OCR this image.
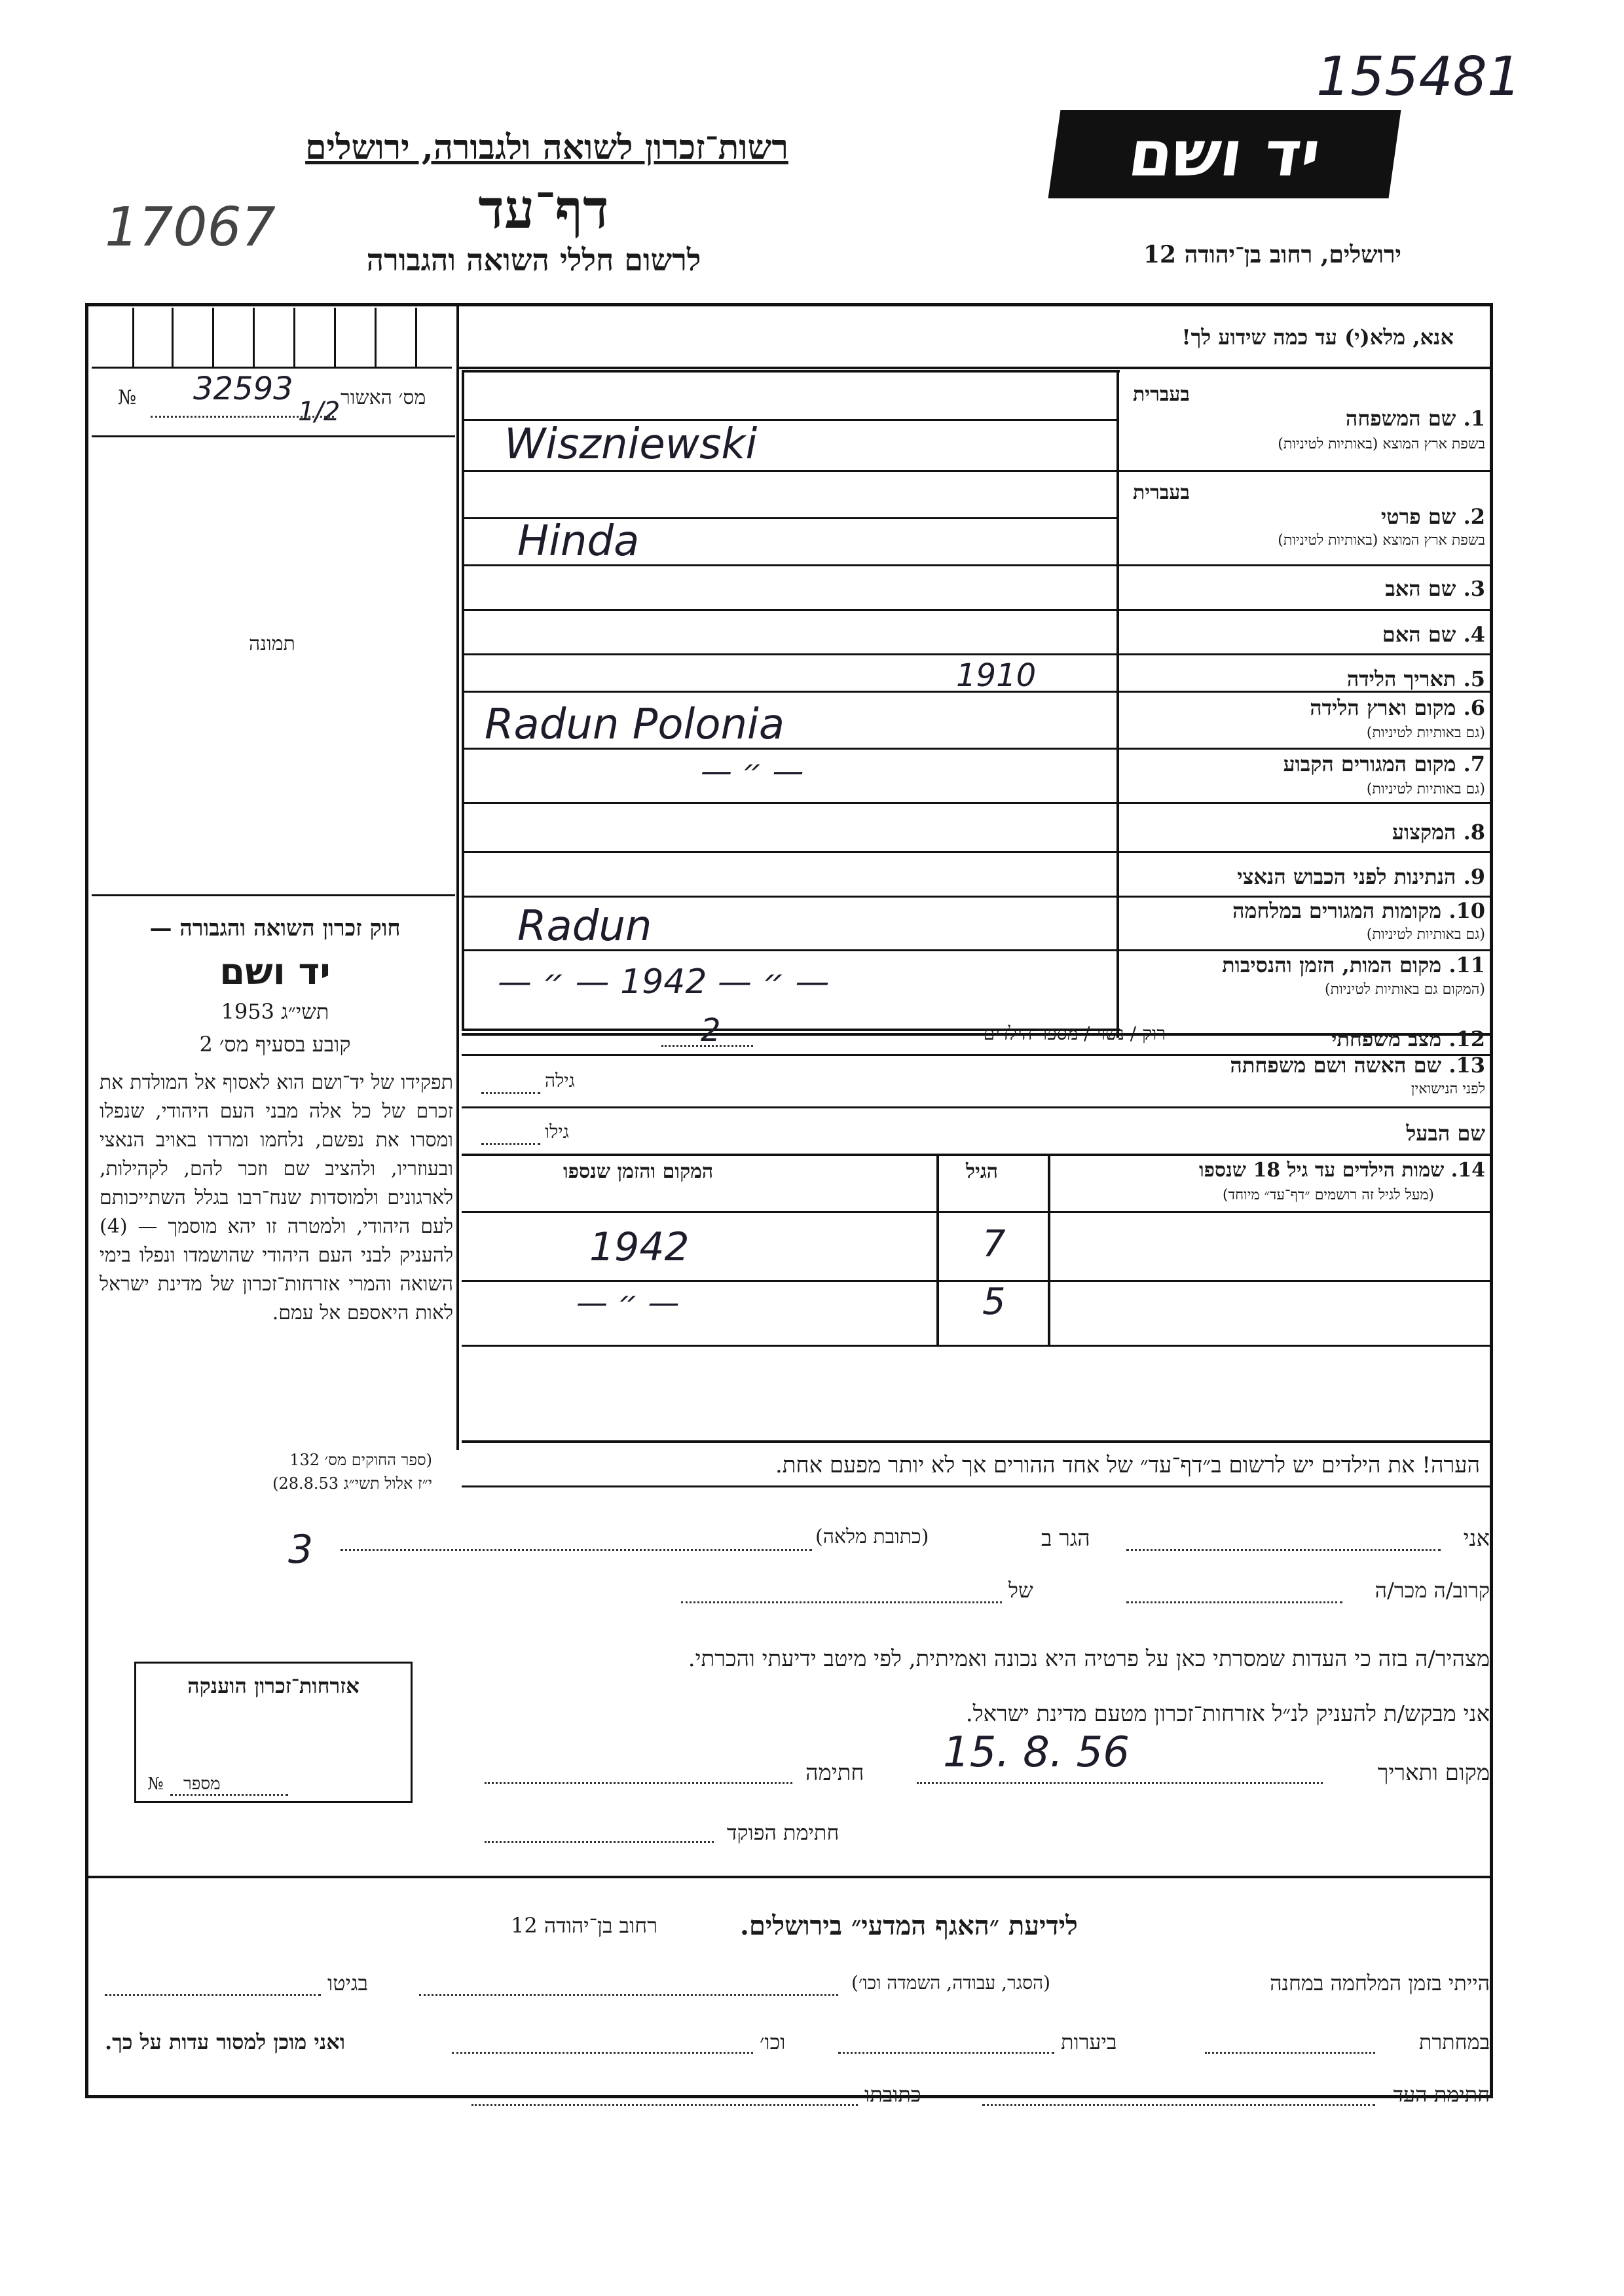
155481
רשות־זכרון לשואה ולגבורה, ירושלים
17067	דף־עד
לרשום חללי השואה והגבורה
יד ושם
ירושלים, רחוב בן־יהודה 12
מס׳ האשור
№ 32593
1/2
תמונה
חוק זכרון השואה והגבורה —
יד ושם
תשי״ג 1953
קובע בסעיף מס׳ 2
תפקידו של יד־ושם הוא לאסוף אל המולדת את זכרם של כל אלה מבני העם היהודי, שנפלו ומסרו את נפשם, נלחמו ומרדו באויב הנאצי ובעוזריו, ולהציב שם וזכר להם, לקהילות, לארגונים ולמוסדות שנח־רבו בגלל השתייכותם לעם היהודי, ולמטרה זו יהא מוסמך — (4) להעניק לבני העם היהודי שהושמדו ונפלו בימי השואה והמרי אזרחות־זכרון של מדינת ישראל לאות היאספם אל עמם.
(ספר החוקים מס׳ 132
י״ז אלול תשי״ג 28.8.53)
אנא, מלא(י) עד כמה שידוע לך!
בעברית
1. שם המשפחה
בשפת ארץ המוצא (באותיות לטיניות)
Wiszniewski
בעברית
2. שם פרטי
בשפת ארץ המוצא (באותיות לטיניות)
Hinda
3. שם האב
4. שם האם
5. תאריך הלידה
1910
6. מקום וארץ הלידה
(גם באותיות לטיניות)
Radun Polonia
7. מקום המגורים הקבוע
(גם באותיות לטיניות)
— ״ —
8. המקצוע
9. הנתינות לפני הכבוש הנאצי
10. מקומות המגורים במלחמה
(גם באותיות לטיניות)
Radun
11. מקום המות, הזמן והנסיבות
(המקום גם באותיות לטיניות)
— ״ — 1942 — ״ —
12. מצב משפחתי
רוק / נשוי / מספר הילדים
2
13. שם האשה ושם משפחתה
לפני הנישואין
גילה
שם הבעל
גילו
14. שמות הילדים עד גיל 18 שנספו
(מעל לגיל זה רושמים ״דף־עד״ מיוחד)
הגיל
המקום והזמן שנספו
7
1942
5
— ״ —
הערה! את הילדים יש לרשום ב״דף־עד״ של אחד ההורים אך לא יותר מפעם אחת.
אני
הגר ב
(כתובת מלאה)
3
קרוב/ה מכר/ה
של
מצהיר/ה בזה כי העדות שמסרתי כאן על פרטיה היא נכונה ואמיתית, לפי מיטב ידיעתי והכרתי.
אני מבקש/ת להעניק לנ״ל אזרחות־זכרון מטעם מדינת ישראל.
אזרחות־זכרון הוענקה
מספר
№	מקום ותאריך
15. 8. 56
חתימה
חתימת הפוקד
לידיעת ״האגף המדעי״ בירושלים.
רחוב בן־יהודה 12
הייתי בזמן המלחמה במחנה
(הסגר, עבודה, השמדה וכו׳)
בגיטו
במחתרת
ביערות
וכו׳
ואני מוכן למסור עדות על כך.
חתימת העד
כתובתו
